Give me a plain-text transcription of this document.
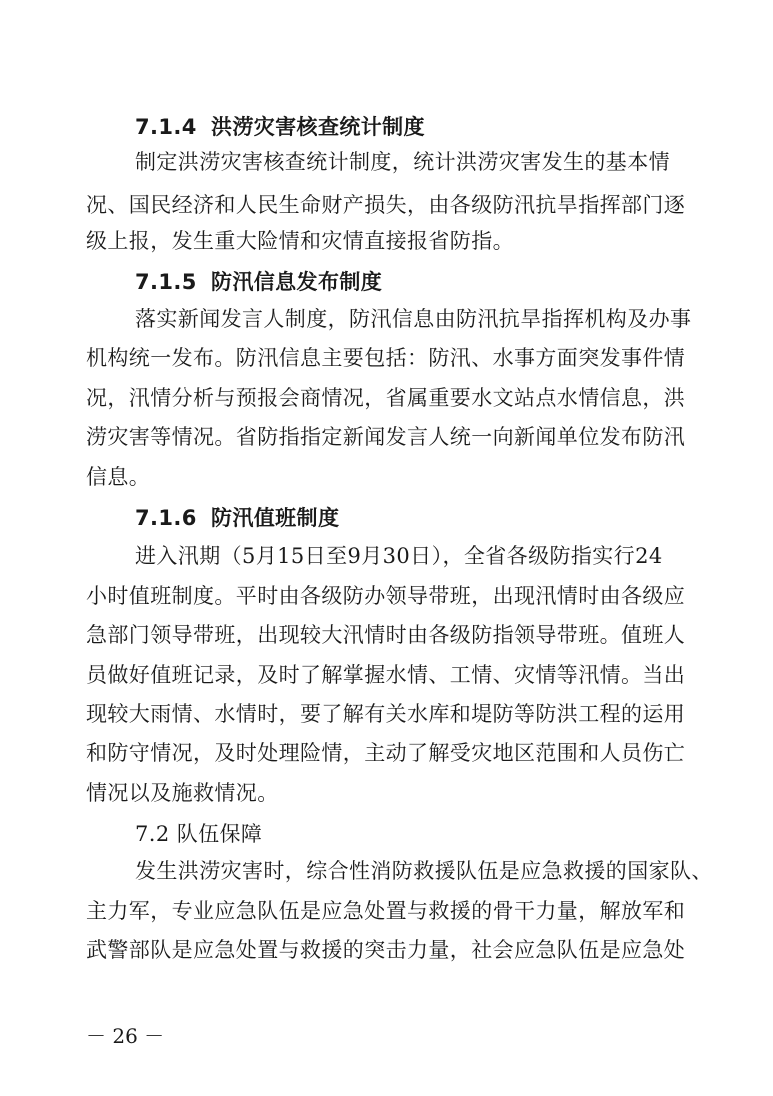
7.1.4 洪涝灾害核查统计制度
制定洪涝灾害核查统计制度，统计洪涝灾害发生的基本情
况、国民经济和人民生命财产损失，由各级防汛抗旱指挥部门逐
级上报，发生重大险情和灾情直接报省防指。
7.1.5 防汛信息发布制度
落实新闻发言人制度，防汛信息由防汛抗旱指挥机构及办事
机构统一发布。防汛信息主要包括：防汛、水事方面突发事件情
况，汛情分析与预报会商情况，省属重要水文站点水情信息，洪
涝灾害等情况。省防指指定新闻发言人统一向新闻单位发布防汛
信息。
7.1.6 防汛值班制度
进入汛期（5月15日至9月30日），全省各级防指实行24
小时值班制度。平时由各级防办领导带班，出现汛情时由各级应
急部门领导带班，出现较大汛情时由各级防指领导带班。值班人
员做好值班记录，及时了解掌握水情、工情、灾情等汛情。当出
现较大雨情、水情时，要了解有关水库和堤防等防洪工程的运用
和防守情况，及时处理险情，主动了解受灾地区范围和人员伤亡
情况以及施救情况。
7.2 队伍保障
发生洪涝灾害时，综合性消防救援队伍是应急救援的国家队、
主力军，专业应急队伍是应急处置与救援的骨干力量，解放军和
武警部队是应急处置与救援的突击力量，社会应急队伍是应急处
－ 26 －
